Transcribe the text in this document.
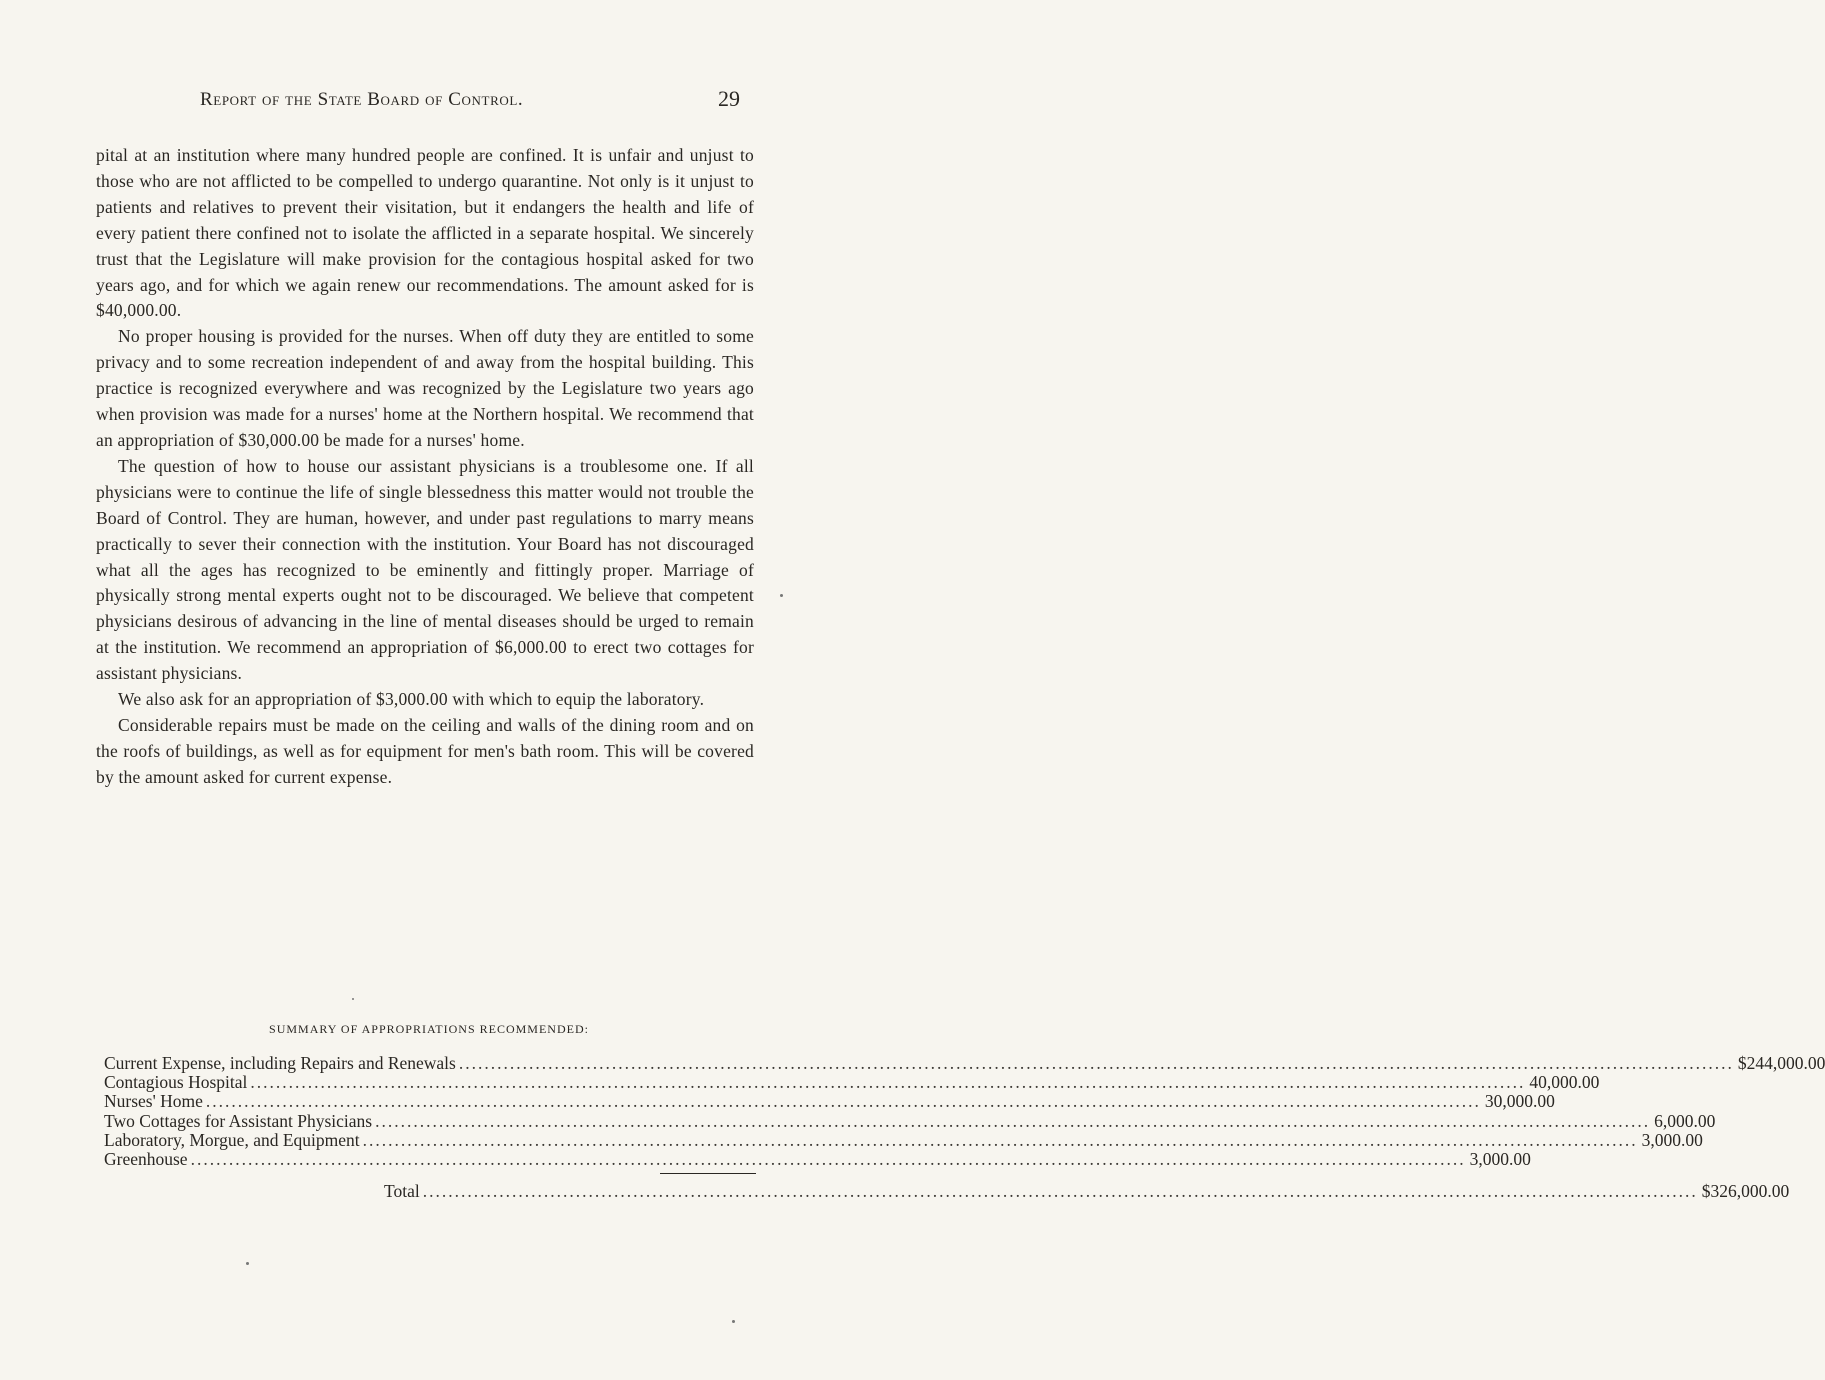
Report of the State Board of Control.	29

pital at an institution where many hundred people are confined. It is unfair and unjust to those who are not afflicted to be compelled to undergo quarantine. Not only is it unjust to patients and relatives to prevent their visitation, but it endangers the health and life of every patient there confined not to isolate the afflicted in a separate hospital. We sincerely trust that the Legislature will make provision for the contagious hospital asked for two years ago, and for which we again renew our recommendations. The amount asked for is $40,000.00.

No proper housing is provided for the nurses. When off duty they are entitled to some privacy and to some recreation independent of and away from the hospital building. This practice is recognized everywhere and was recognized by the Legislature two years ago when provision was made for a nurses' home at the Northern hospital. We recommend that an appropriation of $30,000.00 be made for a nurses' home.

The question of how to house our assistant physicians is a troublesome one. If all physicians were to continue the life of single blessedness this matter would not trouble the Board of Control. They are human, however, and under past regulations to marry means practically to sever their connection with the institution. Your Board has not discouraged what all the ages has recognized to be eminently and fittingly proper. Marriage of physically strong mental experts ought not to be discouraged. We believe that competent physicians desirous of advancing in the line of mental diseases should be urged to remain at the institution. We recommend an appropriation of $6,000.00 to erect two cottages for assistant physicians.

We also ask for an appropriation of $3,000.00 with which to equip the laboratory.

Considerable repairs must be made on the ceiling and walls of the dining room and on the roofs of buildings, as well as for equipment for men's bath room. This will be covered by the amount asked for current expense.

SUMMARY OF APPROPRIATIONS RECOMMENDED:
Current Expense, including Repairs and Renewals ........................................................................................................................................................................................................ $244,000.00
Contagious Hospital ........................................................................................................................................................................................................ 40,000.00
Nurses' Home ........................................................................................................................................................................................................ 30,000.00
Two Cottages for Assistant Physicians ........................................................................................................................................................................................................ 6,000.00
Laboratory, Morgue, and Equipment ........................................................................................................................................................................................................ 3,000.00
Greenhouse ........................................................................................................................................................................................................ 3,000.00
Total ........................................................................................................................................................................................................ $326,000.00
